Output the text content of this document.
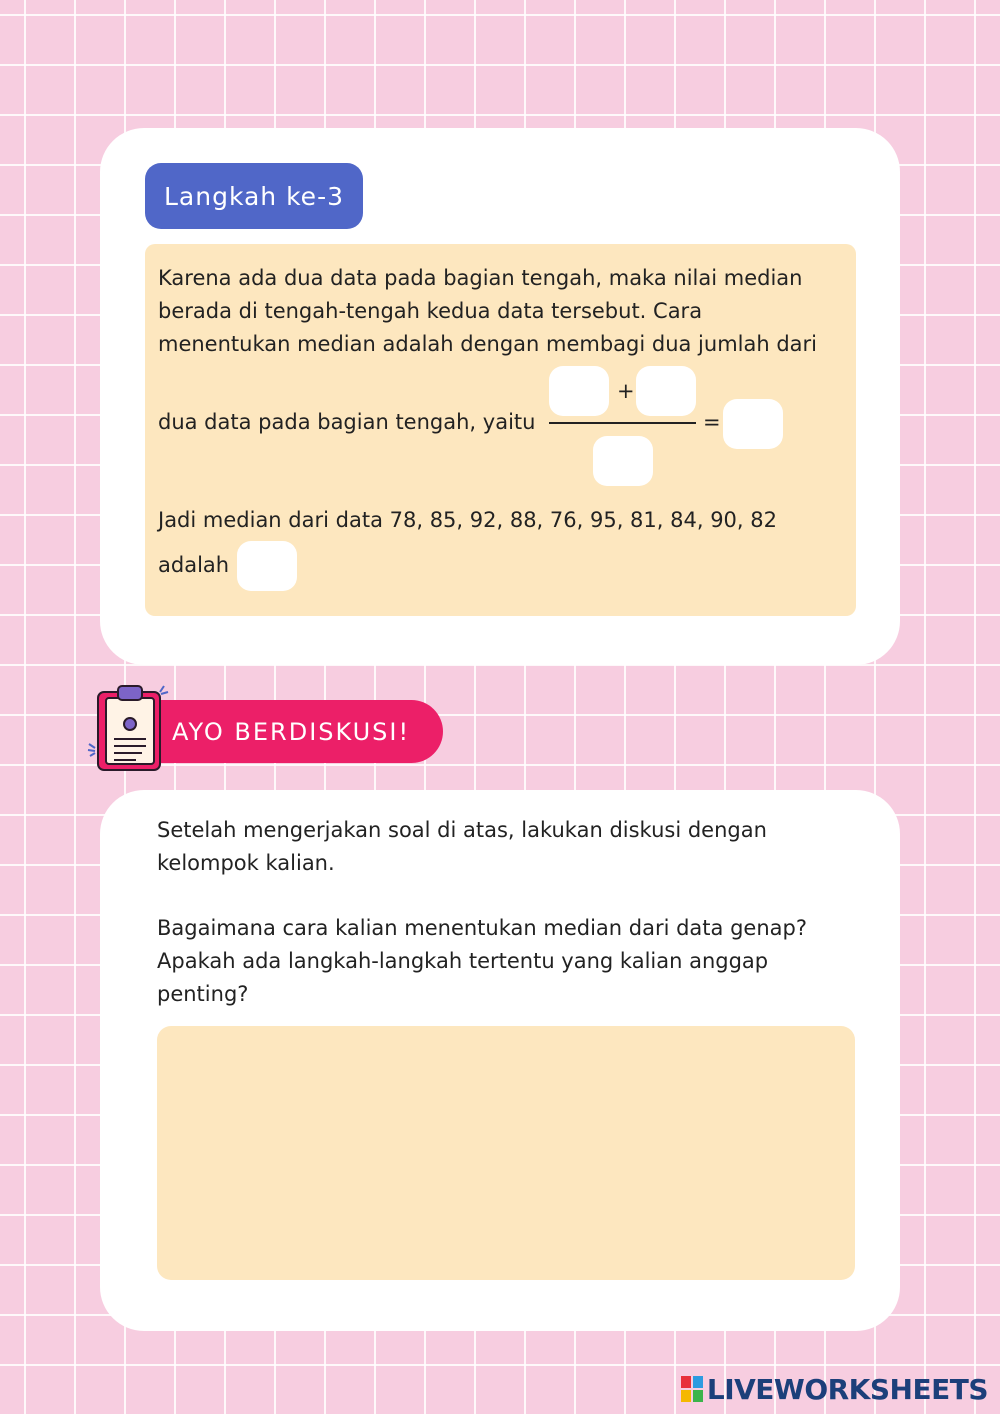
Langkah ke-3
Karena ada dua data pada bagian tengah, maka nilai median
berada di tengah-tengah kedua data tersebut. Cara
menentukan median adalah dengan membagi dua jumlah dari
dua data pada bagian tengah, yaitu
+
=
Jadi median dari data 78, 85, 92, 88, 76, 95, 81, 84, 90, 82
adalah
AYO BERDISKUSI!
Setelah mengerjakan soal di atas, lakukan diskusi dengan
kelompok kalian.
Bagaimana cara kalian menentukan median dari data genap?
Apakah ada langkah-langkah tertentu yang kalian anggap
penting?
LIVEWORKSHEETS
